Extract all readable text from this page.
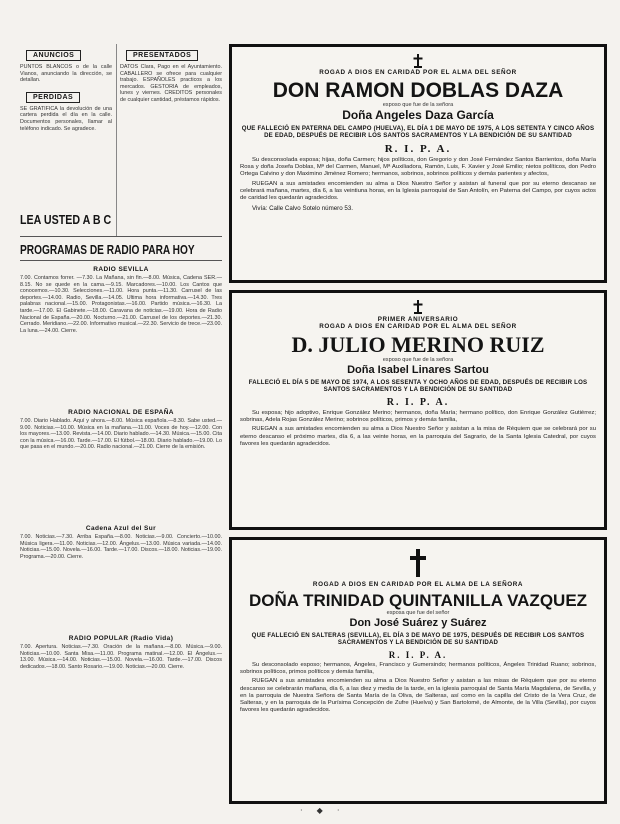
ANUNCIOS

PUNTOS BLANCOS o de la calle Vianos, anunciando la dirección, se detallan.

PERDIDAS

SE GRATIFICA la devolución de una cartera perdida el día en la calle. Documentos personales, llamar al teléfono indicado. Se agradece.

PRESENTADOS

DATOS Clara, Pago en el Ayuntamiento. CABALLERO se ofrece para cualquier trabajo. ESPAÑOLES practicos a los mercados. GESTORIA de empleados, lunes y viernes. CREDITOS personales de cualquier cantidad, préstamos rápidos.

LEA USTED A B C
PROGRAMAS DE RADIO PARA HOY
RADIO SEVILLA

7.00. Contamos forrer. —7.30. La Mañana, sin fin.—8.00. Música, Cadena SER.—8.15. No se quede en la cama.—9.15. Marcadores.—10.00. Los Cantos que conocemos.—10.30. Selecciones.—11.00. Hora punta.—11.30. Carrusel de las deportes.—14.00. Radio, Sevilla.—14.05. Ultima hora informativa.—14.30. Tres palabras nacional.—15.00. Protagonistas.—16.00. Partido música.—16.30. La tarde.—17.00. El Gabinete.—18.00. Caravana de noticias.—19.00. Hora de Radio Nacional de España.—20.00. Nocturno.—21.00. Carrusel de los deportes.—21.30. Cerrado. Meridiano.—22.00. Informativo musical.—22.30. Servicio de trece.—23.00. La luna.—24.00. Cierre.

RADIO NACIONAL DE ESPAÑA

7.00. Diario Hablado. Aquí y ahora.—8.00. Música española.—8.30. Sabe usted.—9.00. Noticias.—10.00. Música en la mañana.—11.00. Voces de hoy.—12.00. Con los mayores.—13.00. Revista.—14.00. Diario hablado.—14.30. Música.—15.00. Cita con la música.—16.00. Tarde.—17.00. El fútbol.—18.00. Diario hablado.—19.00. Lo que pasa en el mundo.—20.00. Radio nacional.—21.00. Cierre de la emisión.

Cadena Azul del Sur

7.00. Noticias.—7.30. Arriba España.—8.00. Noticias.—9.00. Concierto.—10.00. Música ligera.—11.00. Noticias.—12.00. Ángelus.—13.00. Música variada.—14.00. Noticias.—15.00. Novela.—16.00. Tarde.—17.00. Discos.—18.00. Noticias.—19.00. Programa.—20.00. Cierre.

RADIO POPULAR (Radio Vida)

7.00. Apertura. Noticias.—7.30. Oración de la mañana.—8.00. Música.—9.00. Noticias.—10.00. Santa Misa.—11.00. Programa matinal.—12.00. El Ángelus.—13.00. Música.—14.00. Noticias.—15.00. Novela.—16.00. Tarde.—17.00. Discos dedicados.—18.00. Santo Rosario.—19.00. Noticias.—20.00. Cierre.

ROGAD A DIOS EN CARIDAD POR EL ALMA DEL SEÑOR

DON RAMON DOBLAS DAZA

esposo que fue de la señora

Doña Angeles Daza García

QUE FALLECIÓ EN PATERNA DEL CAMPO (HUELVA), EL DÍA 1 DE MAYO DE 1975, A LOS SETENTA Y CINCO AÑOS DE EDAD, DESPUÉS DE RECIBIR LOS SANTOS SACRAMENTOS Y LA BENDICIÓN DE SU SANTIDAD

R. I. P. A.

Su desconsolada esposa; hijas, doña Carmen; hijos políticos, don Gregorio y don José Fernández Santos Barrientos, doña María Rosa y doña Josefa Doblas, Mª del Carmen, Manuel, Mª Auxiliadora, Ramón, Luis, F. Xavier y José Emilio; nietos políticos, don Pedro Ortega Calvino y don Maximino Jiménez Romero; hermanos, sobrinos, sobrinos políticos y demás parientes y afectos,

RUEGAN a sus amistades encomienden su alma a Dios Nuestro Señor y asistan al funeral que por su eterno descanso se celebrará mañana, martes, día 6, a las veintiuna horas, en la Iglesia parroquial de San Antolín, en Paterna del Campo, por cuyos actos de caridad les quedarán agradecidos.

Vivía: Calle Calvo Sotelo número 53.

PRIMER ANIVERSARIO

ROGAD A DIOS EN CARIDAD POR EL ALMA DEL SEÑOR

D. JULIO MERINO RUIZ

esposo que fue de la señora

Doña Isabel Linares Sartou

FALLECIÓ EL DÍA 5 DE MAYO DE 1974, A LOS SESENTA Y OCHO AÑOS DE EDAD, DESPUÉS DE RECIBIR LOS SANTOS SACRAMENTOS Y LA BENDICIÓN DE SU SANTIDAD

R. I. P. A.

Su esposa; hijo adoptivo, Enrique González Merino; hermanos, doña María; hermano político, don Enrique González Gutiérrez; sobrinas, Adela Rojas González Merino; sobrinos políticos, primos y demás familia,

RUEGAN a sus amistades encomienden su alma a Dios Nuestro Señor y asistan a la misa de Réquiem que se celebrará por su eterno descanso el próximo martes, día 6, a las veinte horas, en la parroquia del Sagrario, de la Santa Iglesia Catedral, por cuyos favores les quedarán agradecidos.

ROGAD A DIOS EN CARIDAD POR EL ALMA DE LA SEÑORA

DOÑA TRINIDAD QUINTANILLA VAZQUEZ

esposa que fue del señor

Don José Suárez y Suárez

QUE FALLECIÓ EN SALTERAS (SEVILLA), EL DÍA 3 DE MAYO DE 1975, DESPUÉS DE RECIBIR LOS SANTOS SACRAMENTOS Y LA BENDICIÓN DE SU SANTIDAD

R. I. P. A.

Su desconsolado esposo; hermanos, Ángeles, Francisco y Gumersindo; hermanos políticos, Ángeles Trinidad Ruano; sobrinos, sobrinos políticos, primos políticos y demás familia,

RUEGAN a sus amistades encomienden su alma a Dios Nuestro Señor y asistan a las misas de Réquiem que por su eterno descanso se celebrarán mañana, día 6, a las diez y media de la tarde, en la iglesia parroquial de Santa María Magdalena, de Sevilla, y en la parroquia de Nuestra Señora de Santa María de la Oliva, de Salteras, así como en la capilla del Cristo de la Vera Cruz, de Salteras, y en la parroquia de la Purísima Concepción de Zufre (Huelva) y San Bartolomé, de Almonte, de la Villa (Sevilla), por cuyos favores les quedarán agradecidos.

· ◆ ·
